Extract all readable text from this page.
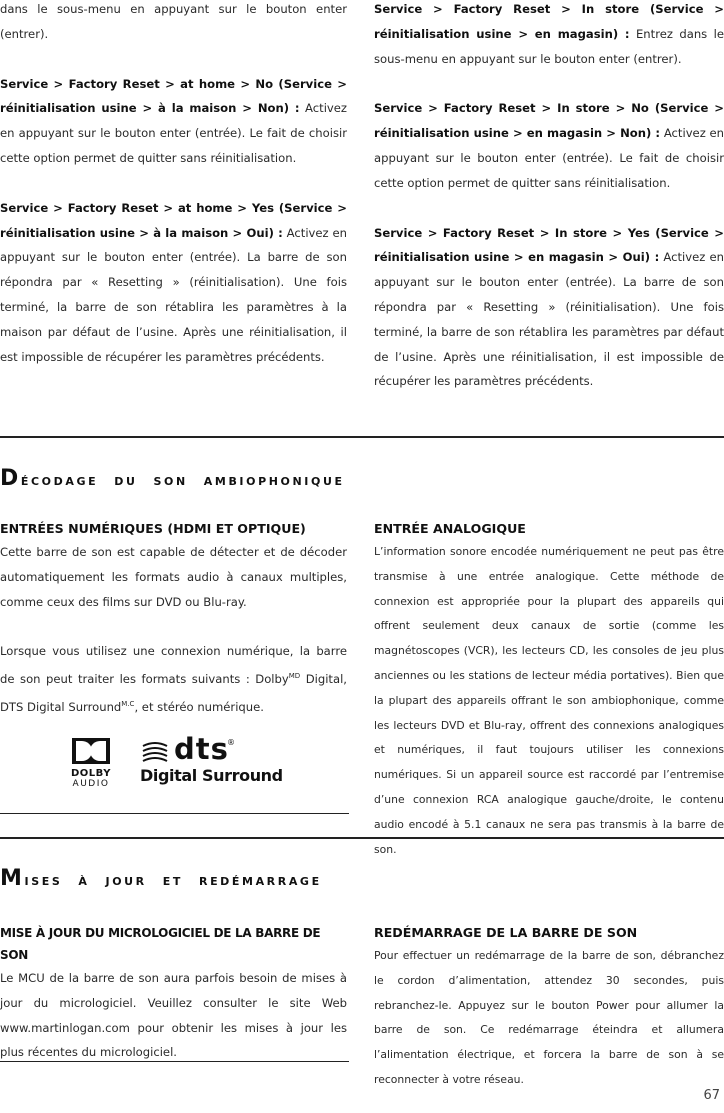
dans le sous-menu en appuyant sur le bouton enter (entrer).

Service > Factory Reset > at home > No (Service > réinitialisation usine > à la maison > Non) : Activez en appuyant sur le bouton enter (entrée). Le fait de choisir cette option permet de quitter sans réinitialisation.

Service > Factory Reset > at home > Yes (Service > réinitialisation usine > à la maison > Oui) : Activez en appuyant sur le bouton enter (entrée). La barre de son répondra par « Resetting » (réinitialisation). Une fois terminé, la barre de son rétablira les paramètres à la maison par défaut de l’usine. Après une réinitialisation, il est impossible de récupérer les paramètres précédents.

Service > Factory Reset > In store (Service > réinitialisation usine > en magasin) : Entrez dans le sous-menu en appuyant sur le bouton enter (entrer).

Service > Factory Reset > In store > No (Service > réinitialisation usine > en magasin > Non) : Activez en appuyant sur le bouton enter (entrée). Le fait de choisir cette option permet de quitter sans réinitialisation.

Service > Factory Reset > In store > Yes (Service > réinitialisation usine > en magasin > Oui) : Activez en appuyant sur le bouton enter (entrée). La barre de son répondra par « Resetting » (réinitialisation). Une fois terminé, la barre de son rétablira les paramètres par défaut de l’usine. Après une réinitialisation, il est impossible de récupérer les paramètres précédents.

Décodage du son ambiophonique
ENTRÉES NUMÉRIQUES (HDMI ET OPTIQUE)

Cette barre de son est capable de détecter et de décoder automatiquement les formats audio à canaux multiples, comme ceux des films sur DVD ou Blu-ray.

Lorsque vous utilisez une connexion numérique, la barre de son peut traiter les formats suivants : Dolby$^{MD}$ Digital, DTS Digital Surround$^{M.C}$, et stéréo numérique.

DOLBY
AUDIO
dts
®
Digital Surround
ENTRÉE ANALOGIQUE

L’information sonore encodée numériquement ne peut pas être transmise à une entrée analogique. Cette méthode de connexion est appropriée pour la plupart des appareils qui offrent seulement deux canaux de sortie (comme les magnétoscopes (VCR), les lecteurs CD, les consoles de jeu plus anciennes ou les stations de lecteur média portatives). Bien que la plupart des appareils offrant le son ambiophonique, comme les lecteurs DVD et Blu-ray, offrent des connexions analogiques et numériques, il faut toujours utiliser les connexions numériques. Si un appareil source est raccordé par l’entremise d’une connexion RCA analogique gauche/droite, le contenu audio encodé à 5.1 canaux ne sera pas transmis à la barre de son.

Mises à jour et redémarrage
MISE À JOUR DU MICROLOGICIEL DE LA BARRE DE SON

Le MCU de la barre de son aura parfois besoin de mises à jour du micrologiciel. Veuillez consulter le site Web www.martinlogan.com pour obtenir les mises à jour les plus récentes du micrologiciel.

REDÉMARRAGE DE LA BARRE DE SON

Pour effectuer un redémarrage de la barre de son, débranchez le cordon d’alimentation, attendez 30 secondes, puis rebranchez-le. Appuyez sur le bouton Power pour allumer la barre de son. Ce redémarrage éteindra et allumera l’alimentation électrique, et forcera la barre de son à se reconnecter à votre réseau.

67
